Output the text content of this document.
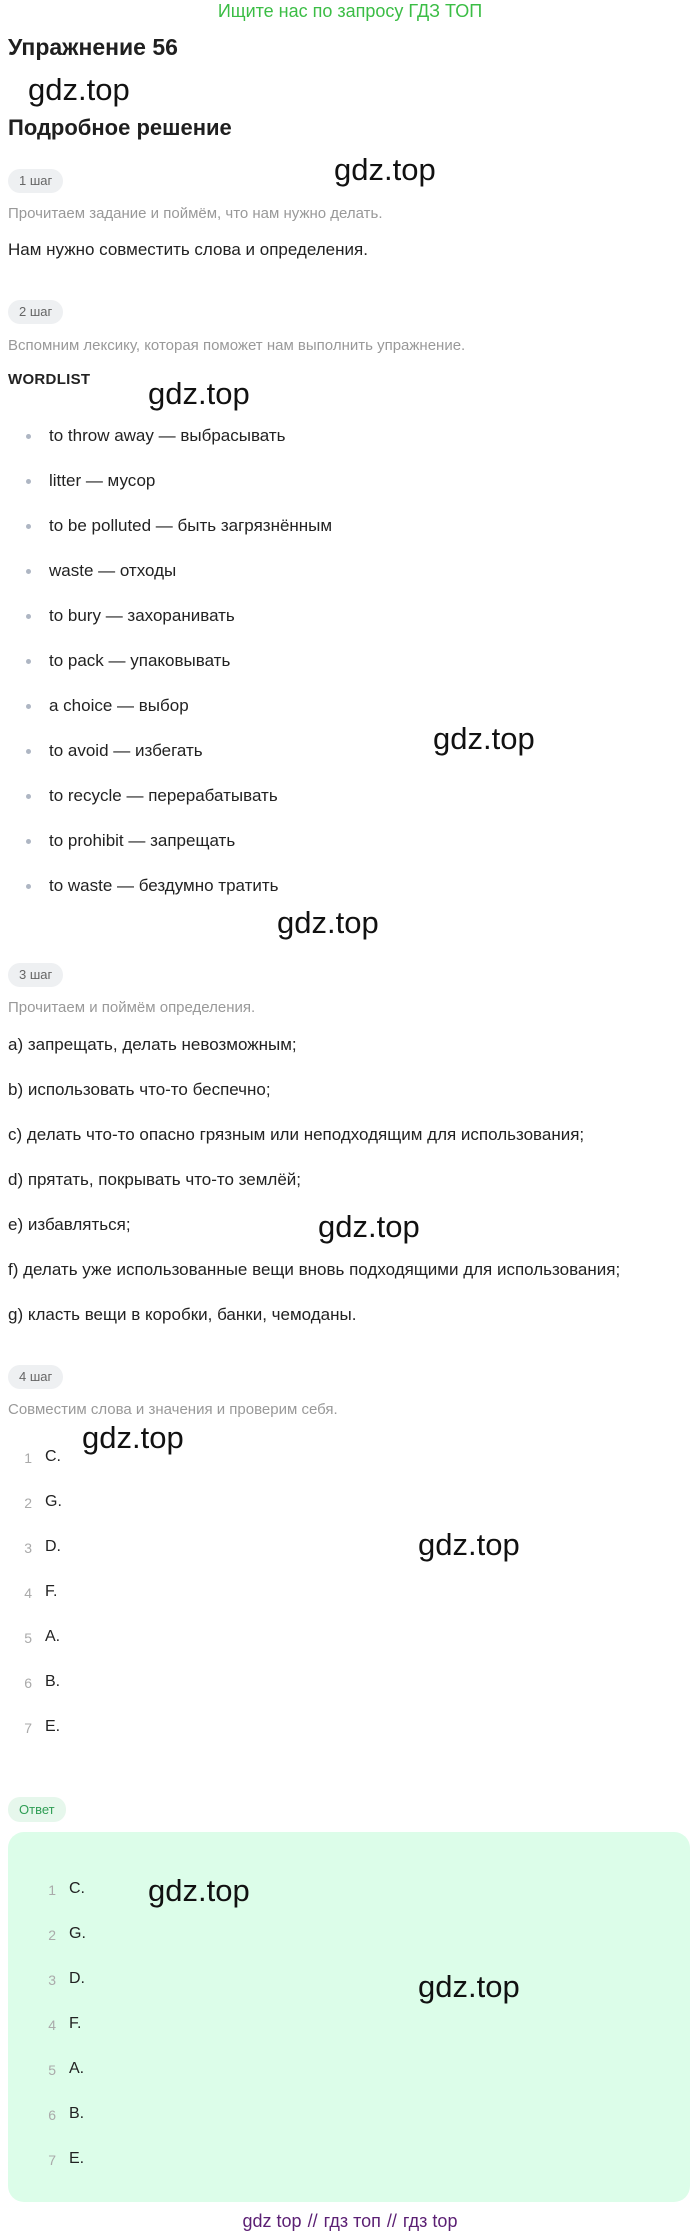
Ищите нас по запросу ГДЗ ТОП
Упражнение 56
gdz.top
Подробное решение
1 шаг	gdz.top
Прочитаем задание и поймём, что нам нужно делать.
Нам нужно совместить слова и определения.
2 шаг
Вспомним лексику, которая поможет нам выполнить упражнение.
WORDLIST gdz.top
to throw away — выбрасывать
litter — мусор
to be polluted — быть загрязнённым
waste — отходы
to bury — захоранивать
to pack — упаковывать
a choice — выбор
to avoid — избегать
to recycle — перерабатывать
to prohibit — запрещать
to waste — бездумно тратить
gdz.top
gdz.top
3 шаг
Прочитаем и поймём определения.
a) запрещать, делать невозможным;
b) использовать что-то беспечно;
c) делать что-то опасно грязным или неподходящим для использования;
d) прятать, покрывать что-то землёй;
e) избавляться;
f) делать уже использованные вещи вновь подходящими для использования;
g) класть вещи в коробки, банки, чемоданы.
gdz.top
4 шаг
Совместим слова и значения и проверим себя.
1 C.
2 G.
3 D.
4 F.
5 A.
6 B.
7 E.
gdz.top
gdz.top
Ответ
1 C.
2 G.
3 D.
4 F.
5 A.
6 B.
7 E.
gdz.top
gdz.top
gdz top // гдз топ // гдз top
